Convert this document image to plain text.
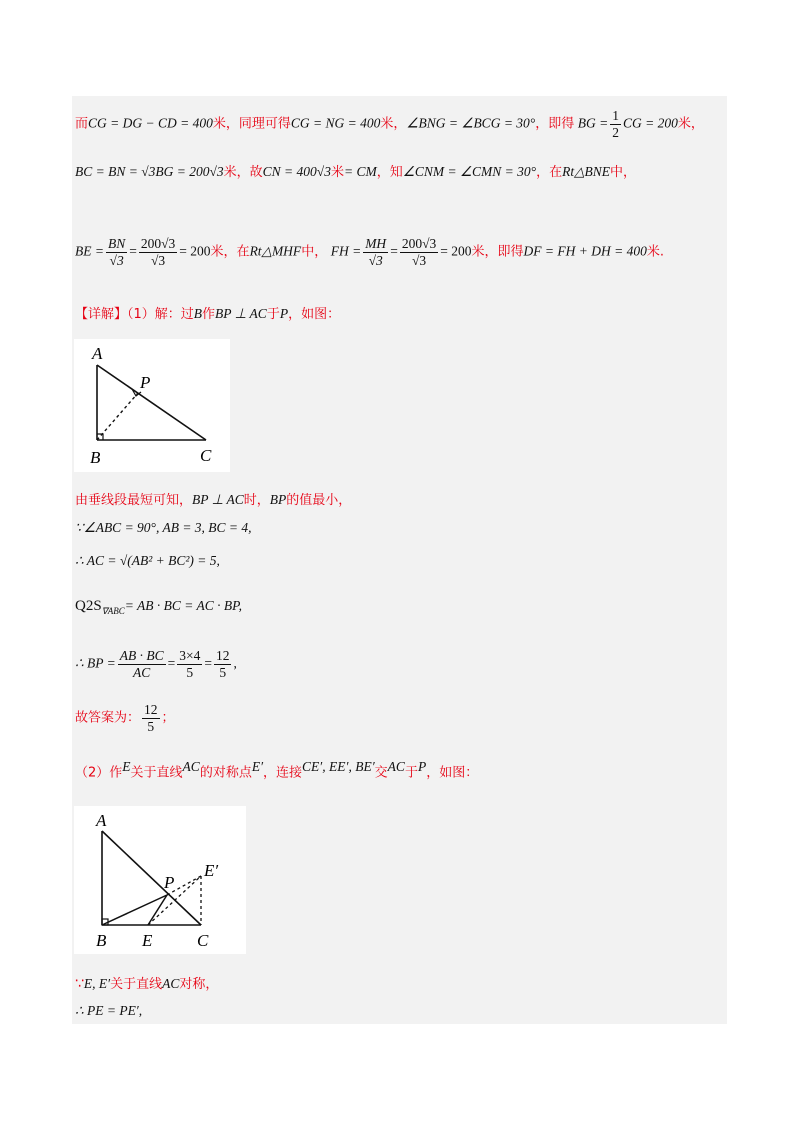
而CG = DG − CD = 400米，同理可得CG = NG = 400米，∠BNG = ∠BCG = 30°，即得 BG = $\frac{1}{2}$ CG = 200米，
BC = BN = √3BG = 200√3米，故CN = 400√3米= CM，知∠CNM = ∠CMN = 30°，在Rt△BNE中，
BE = $\frac{BN}{√3} = \frac{200√3}{√3} = 200$米，在Rt△MHF中， FH = $\frac{MH}{√3} = \frac{200√3}{√3} = 200$米，即得DF = FH + DH = 400米.
【详解】（1）解：过B作BP ⊥ AC于P，如图：
A
P
B	C
由垂线段最短可知，BP ⊥ AC时，BP的值最小，
∵∠ABC = 90°, AB = 3, BC = 4,
∴ AC = √(AB² + BC²) = 5,
$Q2S_{\nabla ABC}=$ AB · BC = AC · BP,
∴ BP = $\frac{AB \cdot BC}{AC} = \frac{3\times 4}{5} = \frac{12}{5}$ ,
故答案为： $\frac{12}{5}$ ；
（2）作$^E$关于直线$^{AC}$的对称点$^{E'}$，连接$^{CE', EE', BE'}$交$^{AC}$于$^P$，如图：
A
P
E′
B E	C
∵E, E′关于直线AC对称，
∴ PE = PE′,
